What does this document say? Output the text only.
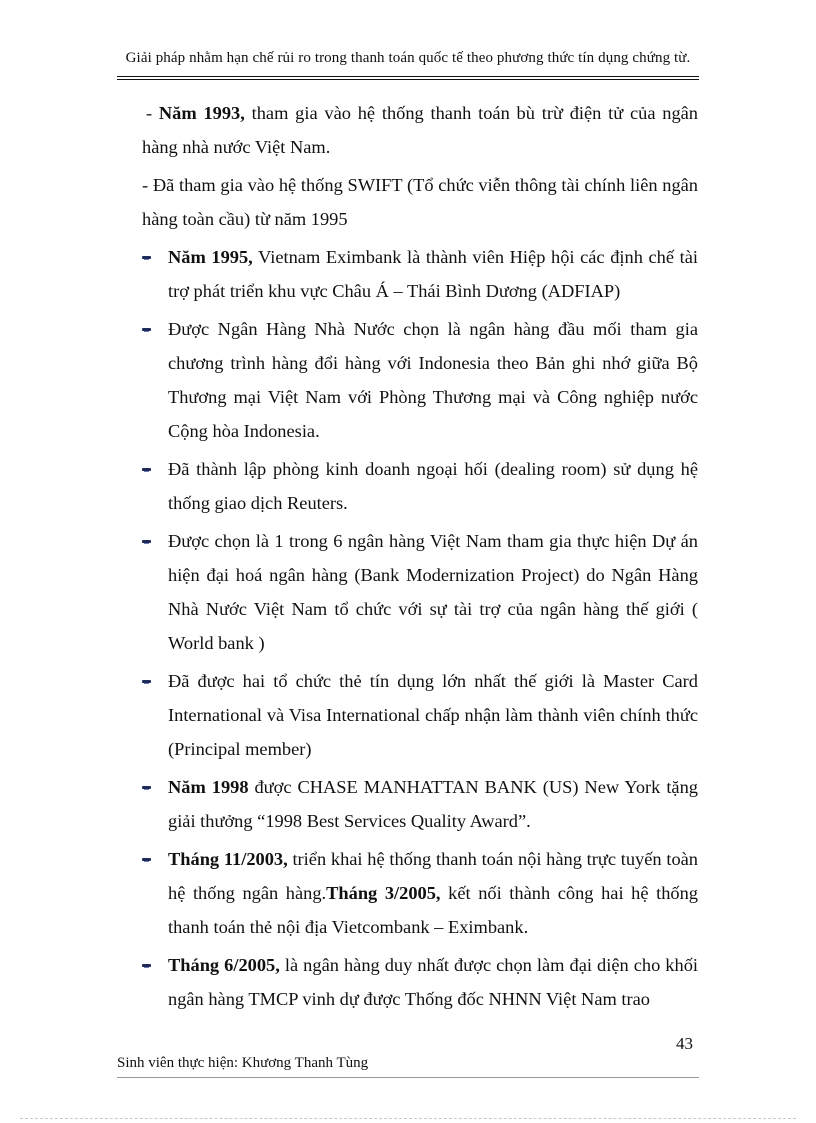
Giải pháp nhằm hạn chế rủi ro trong thanh toán quốc tế theo phương thức tín dụng chứng từ.
- Năm 1993, tham gia vào hệ thống thanh toán bù trừ điện tử của ngân hàng nhà nước Việt Nam.
- Đã tham gia vào hệ thống SWIFT (Tổ chức viễn thông tài chính liên ngân hàng toàn cầu) từ năm 1995
Năm 1995, Vietnam Eximbank là thành viên Hiệp hội các định chế tài trợ phát triển khu vực Châu Á – Thái Bình Dương (ADFIAP)
Được Ngân Hàng Nhà Nước chọn là ngân hàng đầu mối tham gia chương trình hàng đổi hàng với Indonesia theo Bản ghi nhớ giữa Bộ Thương mại Việt Nam với Phòng Thương mại và Công nghiệp nước Cộng hòa Indonesia.
Đã thành lập phòng kinh doanh ngoại hối (dealing room) sử dụng hệ thống giao dịch Reuters.
Được chọn là 1 trong 6 ngân hàng Việt Nam tham gia thực hiện Dự án hiện đại hoá ngân hàng (Bank Modernization Project) do Ngân Hàng Nhà Nước Việt Nam tổ chức với sự tài trợ của ngân hàng thế giới ( World bank )
Đã được hai tổ chức thẻ tín dụng lớn nhất thế giới là Master Card International và Visa International chấp nhận làm thành viên chính thức (Principal member)
Năm 1998 được CHASE MANHATTAN BANK (US) New York tặng giải thưởng “1998 Best Services Quality Award”.
Tháng 11/2003, triển khai hệ thống thanh toán nội hàng trực tuyến toàn hệ thống ngân hàng.Tháng 3/2005, kết nối thành công hai hệ thống thanh toán thẻ nội địa Vietcombank – Eximbank.
Tháng 6/2005, là ngân hàng duy nhất được chọn làm đại diện cho khối ngân hàng TMCP vinh dự được Thống đốc NHNN Việt Nam trao
43
Sinh viên thực hiện: Khương Thanh Tùng
